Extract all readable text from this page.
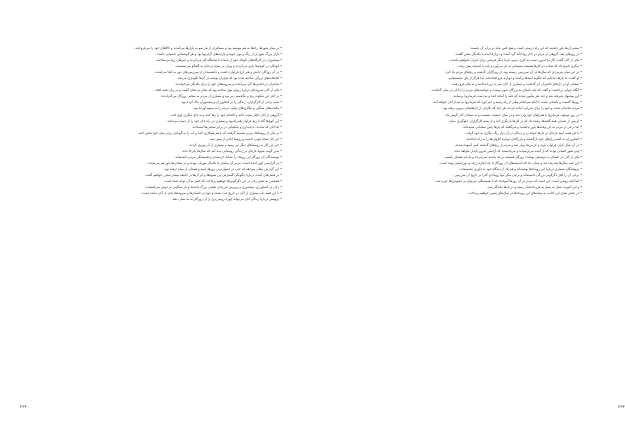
• در میان شهرها، راه‌ها به هم پیوسته بود و مسافران از هر سو به بازارها می‌آمدند و کالاهای خود را می‌فروختند.

• بازار بزرگ شهر پر از رنگ و بوی ادویه و پارچه‌های گران‌بها بود و هر گوشه‌اش داستانی داشت.

• پیشه‌وران در کارگاه‌های کوچک خود از بامداد تا شامگاه کار می‌کردند و چیزهای زیبا می‌ساختند.

• کودکان در کوچه‌ها بازی می‌کردند و پیران در سایهٔ درختان به گفتگو می‌نشستند.

• در آن روزگار، دانش و هنر ارج فراوان داشت و دانشمندان از سرزمین‌های دور به آنجا می‌آمدند.

• کتابخانه‌های بزرگی ساخته شده بود که هزاران نوشته در آن‌ها نگهداری می‌شد.

• شاعران در انجمن‌ها گرد می‌آمدند و سروده‌های خود را برای یکدیگر می‌خواندند.

• یکی از آنان سروده‌ای دربارهٔ زیبایی بهار ساخته بود که دهان به دهان گشت و بر زبان همه افتاد.

• در کنار این شکوه، رنج و تنگدستی نیز بود و بسیاری از مردم به سختی روزگار می‌گذراندند.

• ستم برخی از کارگزاران، زندگی را بر کشاورزان و پیشه‌وران تنگ کرده بود.

• مالیات‌های سنگین و بیگاری‌های پیاپی، مردم را به ستوه آورده بود.

• گروهی از آنان ناچار شدند خانه و کاشانهٔ خود را رها کنند و به جای دیگری کوچ کنند.

• این کوچ‌ها گاه با رنج فراوان همراه بود و بسیاری در راه جان خود را از دست می‌دادند.

• اما آنان که ماندند، با پایداری و شکیبایی در برابر سختی‌ها ایستادند.

• در یکی از روستاها، مردم تصمیم گرفتند که با هم همکاری کنند و آب را به گونه‌ای برابر میان خود بخش کنند.

• این کار نتیجهٔ خوبی داشت و روستا آبادتر از پیش شد.

• خبر این کار به روستاهای دیگر نیز رسید و بسیاری از آن پیروی کردند.

• بدین گونه، شیوهٔ تازه‌ای در زندگی روستایی پدید آمد که سال‌ها پابرجا ماند.

• نویسندگان آن روزگار این رویداد را نشانهٔ خردمندی و همبستگی مردم دانسته‌اند.

• در گزارشی کهن آمده است: مردم آن سامان با یکدیگر مهربان بودند و در سختی‌ها یاور هم می‌شدند.

• این گزارش نشان می‌دهد که حتی در دشوارترین روزها، امید و همدلی از میان نرفته بود.

• در فصل‌های آینده، دربارهٔ چگونگی گسترش این شیوه‌ها و اثر آن‌ها بر جامعه بیشتر سخن خواهیم گفت.

• همچنین به نقش زنان در این دگرگونی‌ها خواهیم پرداخت که کمتر به آن توجه شده است.

• زنان در کشاورزی، پیشه‌وری و پرورش فرزندان نقشی بزرگ داشتند و بار سنگینی بر دوش می‌کشیدند.

• با این همه، نام بسیاری از آنان در تاریخ ثبت نشده و تنها در داستان‌ها و سروده‌ها یادی از آنان مانده است.

• پژوهش دربارهٔ زندگی آنان می‌تواند چهرهٔ روشن‌تری از آن روزگار به ما نشان دهد.

۲۳۲

• بیشتر آن‌ها باور داشتند که این راه درستی است و هیچ کس نباید در برابر آن بایستد.

• در روزهای بعد، گروهی از مردم در کنار رودخانه گرد آمدند و دربارهٔ آینده با یکدیگر سخن گفتند.

• یکی از آنان گفت: اگر ما امروز دست به کاری نزنیم، فردا دیگر فرصتی برای جبران نخواهیم داشت.

• دیگری پاسخ داد که شتاب در کارها همیشه پشیمانی به بار می‌آورد و باید با اندیشه پیش رفت.

• در این میان پیرمردی که سال‌ها در آن سرزمین زیسته بود، از روزگاران گذشته و رنج‌های مردم یاد کرد.

• او گفت: ما بارها دیده‌ایم که چگونه امیدها برآمده و دوباره فرو افتاده‌اند، اما هرگز از پای ننشسته‌ایم.

• سخنان او در دل‌های حاضران اثر گذاشت و بسیاری از آنان سر به زیر انداختند و به فکر فرو رفتند.

• آنگاه جوانی برخاست و گفت که باید نامه‌ای به بزرگان شهر نوشت و خواسته‌های مردم را با آنان در میان گذاشت.

• این پیشنهاد پذیرفته شد و چند نفر مأمور شدند که نامه را آماده کنند و به دست فرمانروا برسانند.

• روزها گذشت و پاسخی نیامد، تا آنکه سرانجام پیکی از راه رسید و خبر آورد که فرمانروا به دیدار آنان خواهد آمد.

• مردم شادمان شدند و خود را برای پذیرایی آماده کردند، هر چند که نگرانی از دل‌هایشان بیرون نرفته بود.

• در روز موعود، فرمانروا با همراهان خود وارد شد و در میان جمعیت نشست و به سخنان آنان گوش داد.

• او پس از شنیدن همهٔ گفته‌ها، وعده داد که در کارها بازنگری کند و از ستم کارگزاران جلوگیری نماید.

• اما برخی از مردم به این وعده‌ها باور نداشتند و می‌گفتند که بارها چنین سخنانی شنیده‌اند.

• با این همه، امید تازه‌ای در دل‌ها جوانه زد و زندگی در آن دیار رنگ دیگری به خود گرفت.

• کشاورزان به کشت‌زارهای خود بازگشتند و بازرگانان دوباره کاروان‌ها را به راه انداختند.

• در آن سال باران فراوان بارید و خرمن‌ها پربار شد و مردم از رنج‌های گذشته کمی آسوده شدند.

• ولی هنوز کسانی بودند که از آینده می‌ترسیدند و می‌دانستند که آرامشِ امروز پایدار نخواهد ماند.

• یکی از آنان در نامه‌ای به دوستش نوشت: روزگار همیشه بر یک پاشنه نمی‌چرخد و ما باید هشیار باشیم.

• این نامه سال‌ها بعد پیدا شد و نشان داد که اندیشه‌های آن روزگار تا چه اندازه ژرف و دوراندیش بوده است.

• پژوهندگان بسیاری دربارهٔ این رویدادها نوشته‌اند و هر یک از دیدگاه خود به داوری نشسته‌اند.

• برخی آن را آغاز دگرگونی بزرگی دانسته‌اند و برخی دیگر تنها رویدادی گذرا در تاریخ آن سرزمین.

• اما آنچه روشن است، این است که مردم در آن روزها آموختند که با همبستگی می‌توان بر دشواری‌ها چیره شد.

• و این آموزه، نسل به نسل به فرزندانشان رسید و در یادها ماندگار شد.

• در بخش بعدی این کتاب، به پیامدهای این رویدادها در سال‌های پسین خواهیم پرداخت.

۲۳۳
